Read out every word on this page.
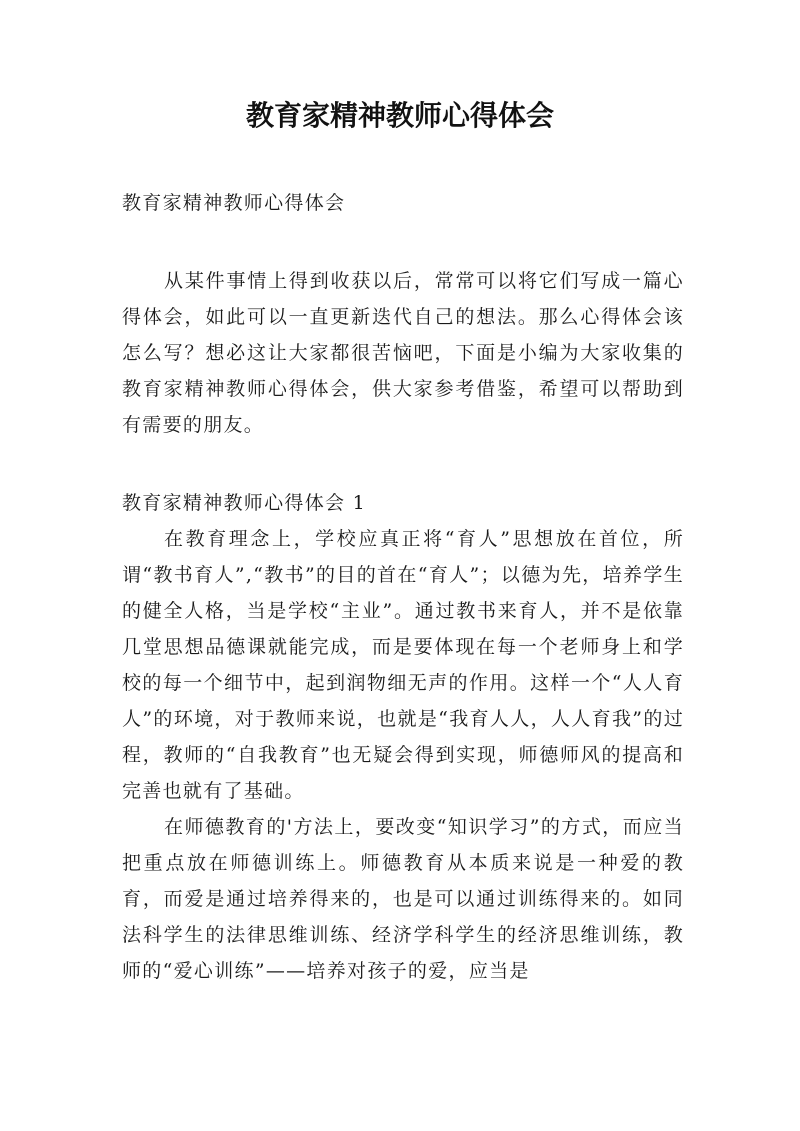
教育家精神教师心得体会

教育家精神教师心得体会

从某件事情上得到收获以后，常常可以将它们写成一篇心得体会，如此可以一直更新迭代自己的想法。那么心得体会该怎么写？想必这让大家都很苦恼吧，下面是小编为大家收集的教育家精神教师心得体会，供大家参考借鉴，希望可以帮助到有需要的朋友。

教育家精神教师心得体会 1

在教育理念上，学校应真正将“育人”思想放在首位，所谓“教书育人”,“教书”的目的首在“育人”；以德为先，培养学生的健全人格，当是学校“主业”。通过教书来育人，并不是依靠几堂思想品德课就能完成，而是要体现在每一个老师身上和学校的每一个细节中，起到润物细无声的作用。这样一个“人人育人”的环境，对于教师来说，也就是“我育人人，人人育我”的过程，教师的“自我教育”也无疑会得到实现，师德师风的提高和完善也就有了基础。

在师德教育的'方法上，要改变“知识学习”的方式，而应当把重点放在师德训练上。师德教育从本质来说是一种爱的教育，而爱是通过培养得来的，也是可以通过训练得来的。如同法科学生的法律思维训练、经济学科学生的经济思维训练，教师的“爱心训练”——培养对孩子的爱，应当是
